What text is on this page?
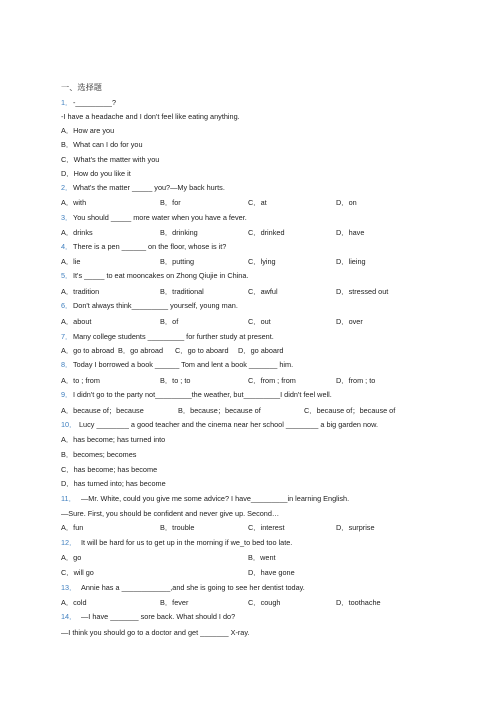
一、选择题
1． -_________?
-I have a headache and I don't feel like eating anything.
A．How are you
B．What can I do for you
C．What's the matter with you
D．How do you like it
2． What's the matter _____ you?—My back hurts.
A．with	B．for	C．at	D．on
3． You should _____ more water when you have a fever.
A．drinks	B．drinking	C．drinked	D．have
4． There is a pen ______ on the floor, whose is it?
A．lie	B．putting	C．lying	D．lieing
5． It's _____ to eat mooncakes on Zhong Qiujie in China.
A．tradition	B．traditional	C．awful	D．stressed out
6． Don't always think_________ yourself, young man.
A．about	B．of	C．out	D．over
7． Many college students _________ for further study at present.
A．go to abroad B．go abroad C．go to aboard D．go aboard
8． Today I borrowed a book ______ Tom and lent a book _______ him.
A．to ; from	B．to ; to	C．from ; from	D．from ; to
9． I didn't go to the party not_________the weather, but_________I didn't feel well.
A．because of；because	B．because；because of	C．because of；because of
10． Lucy ________ a good teacher and the cinema near her school ________ a big garden now.
A．has become; has turned into
B．becomes; becomes
C．has become; has become
D．has turned into; has become
11． —Mr. White, could you give me some advice? I have_________in learning English.
—Sure. First, you should be confident and never give up. Second…
A．fun	B．trouble	C．interest	D．surprise
12． It will be hard for us to get up in the morning if we_to bed too late.
A．go	B．went
C．will go	D．have gone
13． Annie has a ____________,and she is going to see her dentist today.
A．cold	B．fever	C．cough	D．toothache
14． —I have _______ sore back. What should I do?
—I think you should go to a doctor and get _______ X-ray.
